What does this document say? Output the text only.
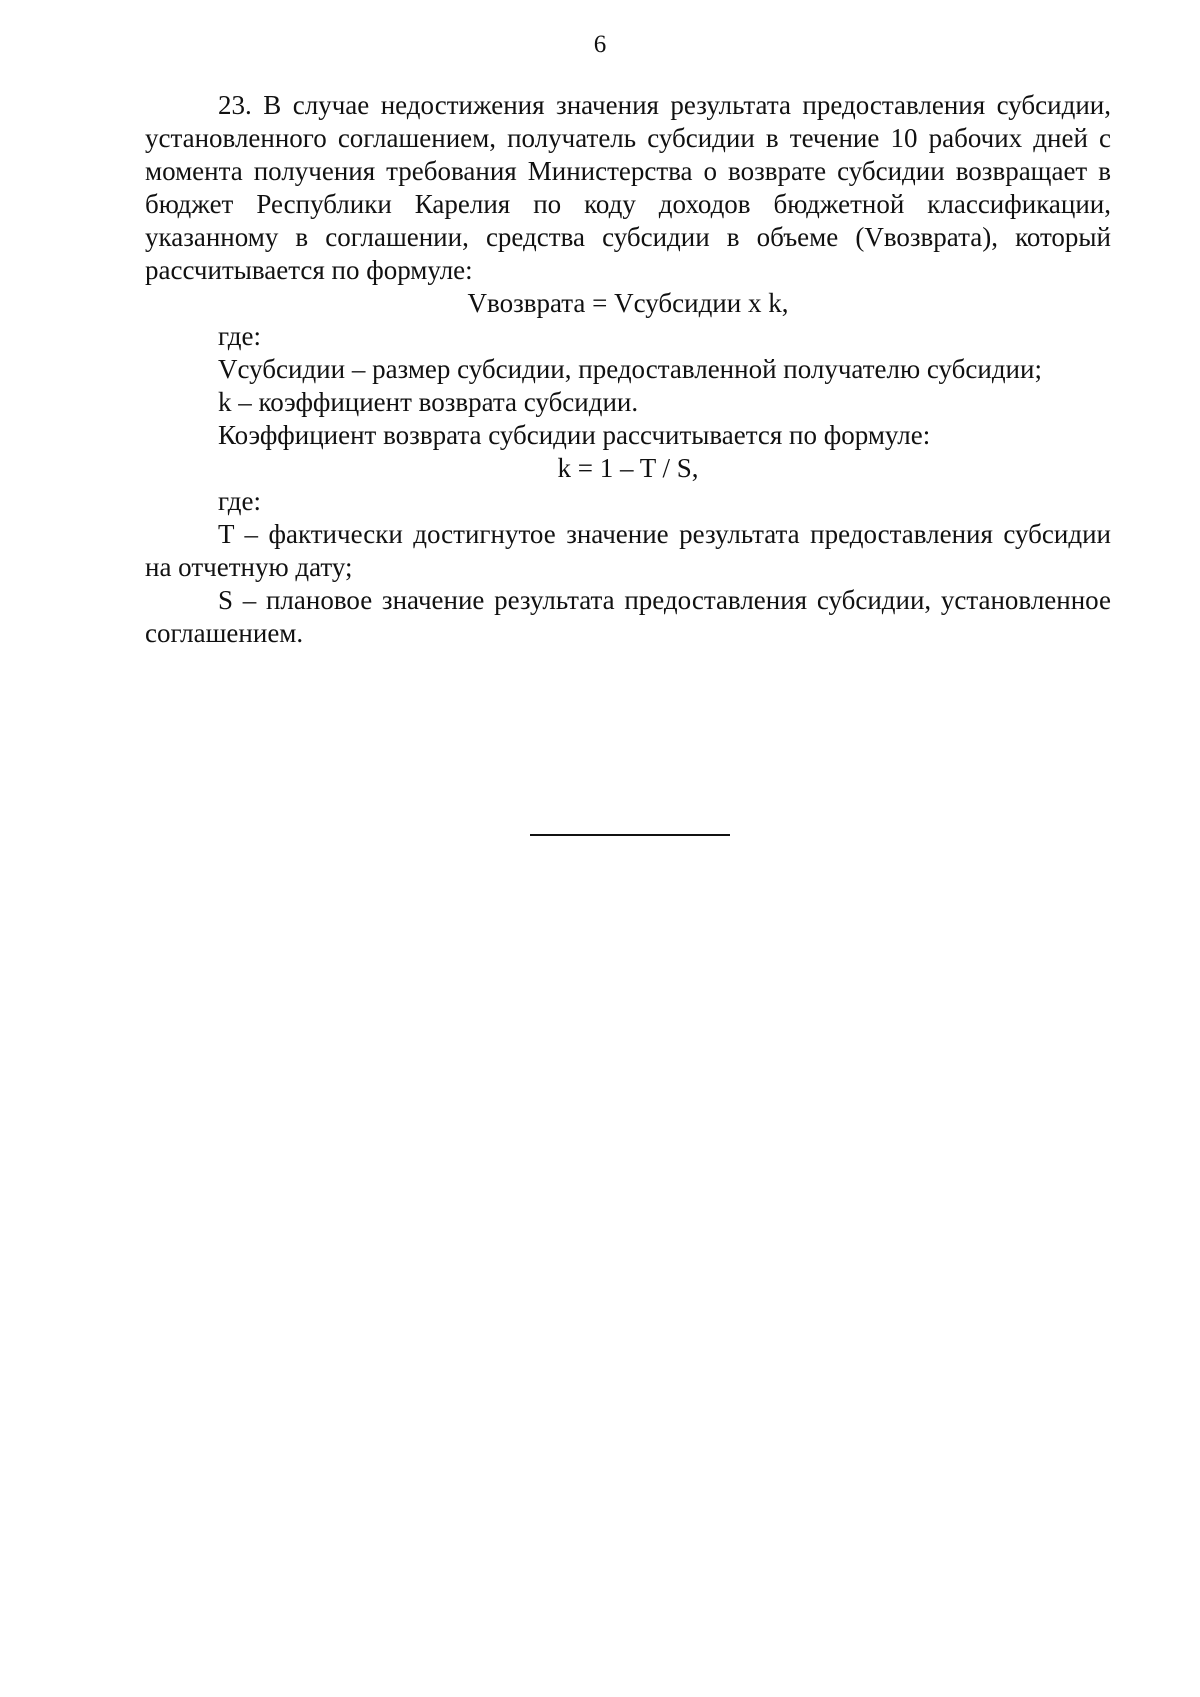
6

23. В случае недостижения значения результата предоставления субсидии, установленного соглашением, получатель субсидии в течение 10 рабочих дней с момента получения требования Министерства о возврате субсидии возвращает в бюджет Республики Карелия по коду доходов бюджетной классификации, указанному в соглашении, средства субсидии в объеме (Vвозврата), который рассчитывается по формуле:

Vвозврата = Vсубсидии x k,

где:

Vсубсидии – размер субсидии, предоставленной получателю субсидии;

k – коэффициент возврата субсидии.

Коэффициент возврата субсидии рассчитывается по формуле:

k = 1 – T / S,

где:

T – фактически достигнутое значение результата предоставления субсидии на отчетную дату;

S – плановое значение результата предоставления субсидии, установленное соглашением.
